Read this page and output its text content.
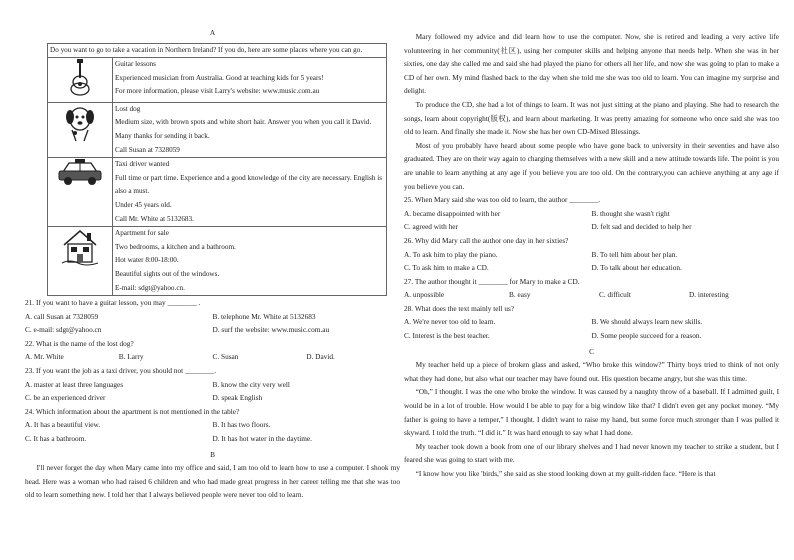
A

Do you want to go to take a vacation in Northern Ireland? If you do, here are some places where you can go.	

Guitar lessons

Experienced musician from Australia. Good at teaching kids for 5 years!

For more information, please visit Larry's website: www.music.com.au

Lost dog

Medium size, with brown spots and white short hair. Answer you when you call it David. Many thanks for sending it back.

Call Susan at 7328059

Taxi driver wanted

Full time or part time. Experience and a good knowledge of the city are necessary. English is also a must.

Under 45 years old.

Call Mr. White at 5132683.

Apartment for sale

Two bedrooms, a kitchen and a bathroom.

Hot water 8:00-18:00.

Beautiful sights out of the windows.

E-mail: sdgt@yahoo.cn.

21. If you want to have a guitar lesson, you may ________ .

A. call Susan at 7328059	B. telephone Mr. White at 5132683
C. e-mail: sdgt@yahoo.cn	D. surf the website: www.music.com.au

22. What is the name of the lost dog?

A. Mr. White	B. Larry	C. Susan	D. David.

23. If you want the job as a taxi driver, you should not ________.

A. master at least three languages	B. know the city very well
C. be an experienced driver	D. speak English

24. Which information about the apartment is not mentioned in the table?

A. It has a beautiful view.	B. It has two floors.
C. It has a bathroom.	D. It has hot water in the daytime.

B

I'll never forget the day when Mary came into my office and said, I am too old to learn how to use a computer. I shook my head. Here was a woman who had raised 6 children and who had made great progress in her career telling me that she was too old to learn something new. I told her that I always believed people were never too old to learn.

Mary followed my advice and did learn how to use the computer. Now, she is retired and leading a very active life volunteering in her community(社区), using her computer skills and helping anyone that needs help. When she was in her sixties, one day she called me and said she had played the piano for others all her life, and now she was going to plan to make a CD of her own. My mind flashed back to the day when she told me she was too old to learn. You can imagine my surprise and delight.

To produce the CD, she had a lot of things to learn. It was not just sitting at the piano and playing. She had to research the songs, learn about copyright(版权), and learn about marketing. It was pretty amazing for someone who once said she was too old to learn. And finally she made it. Now she has her own CD-Mixed Blessings.

Most of you probably have heard about some people who have gone back to university in their seventies and have also graduated. They are on their way again to charging themselves with a new skill and a new attitude towards life. The point is you are unable to learn anything at any age if you believe you are too old. On the contrary,you can achieve anything at any age if you believe you can.

25. When Mary said she was too old to learn, the author ________.

A. became disappointed with her	B. thought she wasn't right
C. agreed with her	D. felt sad and decided to help her

26. Why did Mary call the author one day in her sixties?

A. To ask him to play the piano.	B. To tell him about her plan.
C. To ask him to make a CD.	D. To talk about her education.

27. The author thought it ________ for Mary to make a CD.

A. unpossible	B. easy	C. difficult	D. interesting

28. What does the text mainly tell us?

A. We're never too old to learn.	B. We should always learn new skills.
C. Interest is the best teacher.	D. Some people succeed for a reason.

C

My teacher held up a piece of broken glass and asked, “Who broke this window?” Thirty boys tried to think of not only what they had done, but also what our teacher may have found out. His question became angry, but she was this time.

“Oh,” I thought. I was the one who broke the window. It was caused by a naughty throw of a baseball. If I admitted guilt, I would be in a lot of trouble. How would I be able to pay for a big window like that? I didn't even get any pocket money. “My father is going to have a temper,” I thought. I didn't want to raise my hand, but some force much stronger than I was pulled it skyward. I told the truth. “I did it.” It was hard enough to say what I had done.

My teacher took down a book from one of our library shelves and I had never known my teacher to strike a student, but I feared she was going to start with me.

“I know how you like 'birds,” she said as she stood looking down at my guilt-ridden face. “Here is that
